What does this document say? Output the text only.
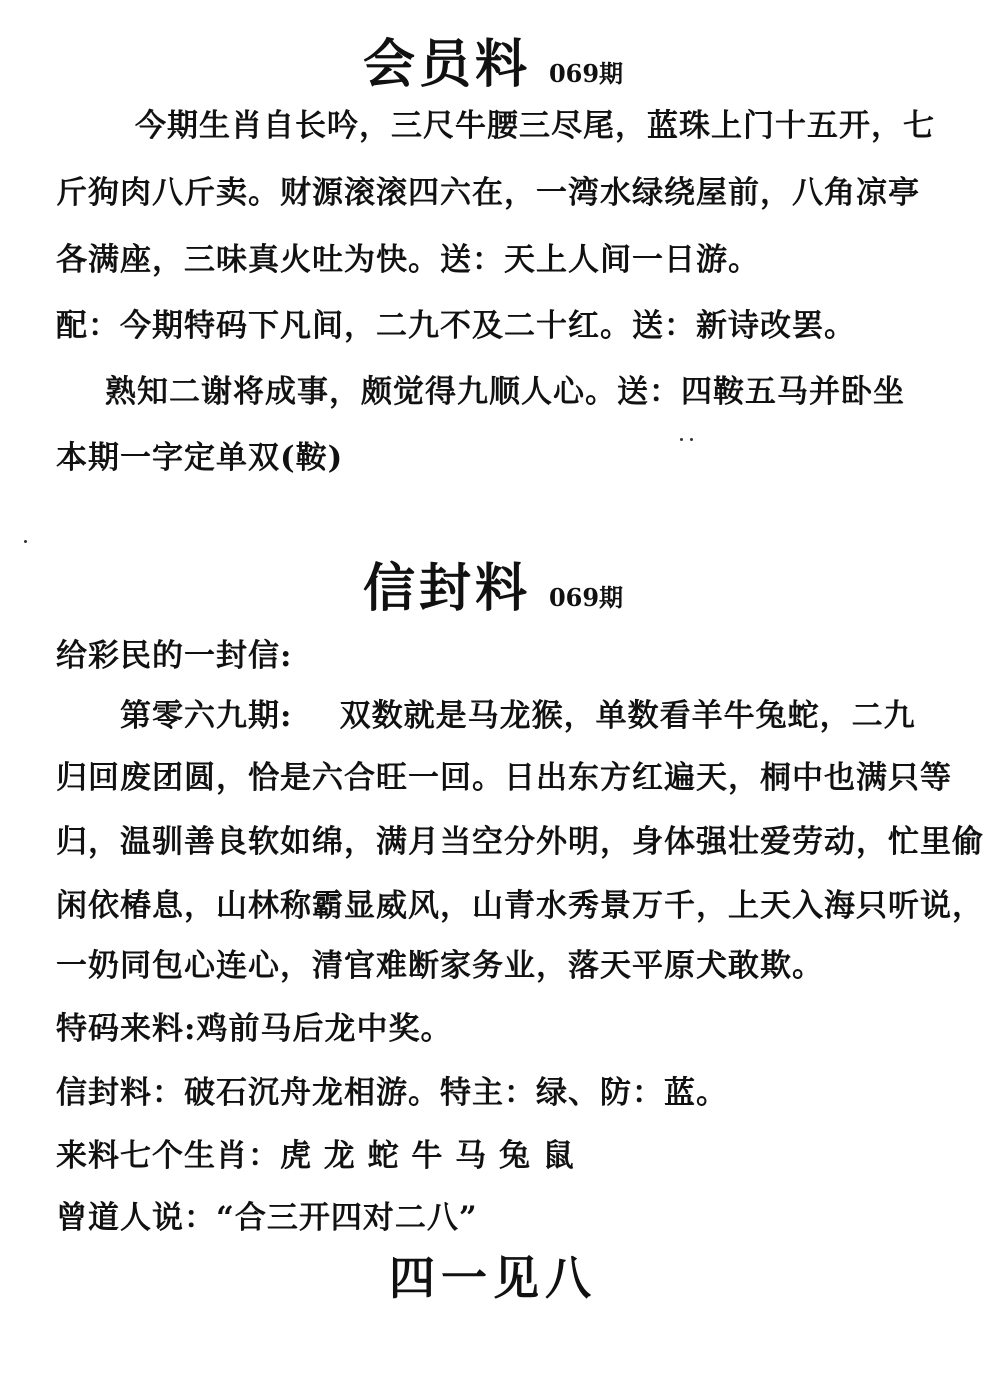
会员料 069期
今期生肖自长吟，三尺牛腰三尽尾，蓝珠上门十五开，七
斤狗肉八斤卖。财源滚滚四六在，一湾水绿绕屋前，八角凉亭
各满座，三味真火吐为快。送：天上人间一日游。
配：今期特码下凡间，二九不及二十红。送：新诗改罢。
熟知二谢将成事，颇觉得九顺人心。送：四鞍五马并卧坐
本期一字定单双(鞍)
信封料 069期
给彩民的一封信:
第零六九期:    双数就是马龙猴，单数看羊牛兔蛇，二九
归回废团圆，恰是六合旺一回。日出东方红遍天，桐中也满只等
归，温驯善良软如绵，满月当空分外明，身体强壮爱劳动，忙里偷
闲依椿息，山林称霸显威风，山青水秀景万千，上天入海只听说，
一奶同包心连心，清官难断家务业，落天平原犬敢欺。
特码来料:鸡前马后龙中奖。
信封料：破石沉舟龙相游。特主：绿、防：蓝。
来料七个生肖：虎 龙 蛇 牛 马 兔 鼠
曾道人说：“合三开四对二八”
四一见八
